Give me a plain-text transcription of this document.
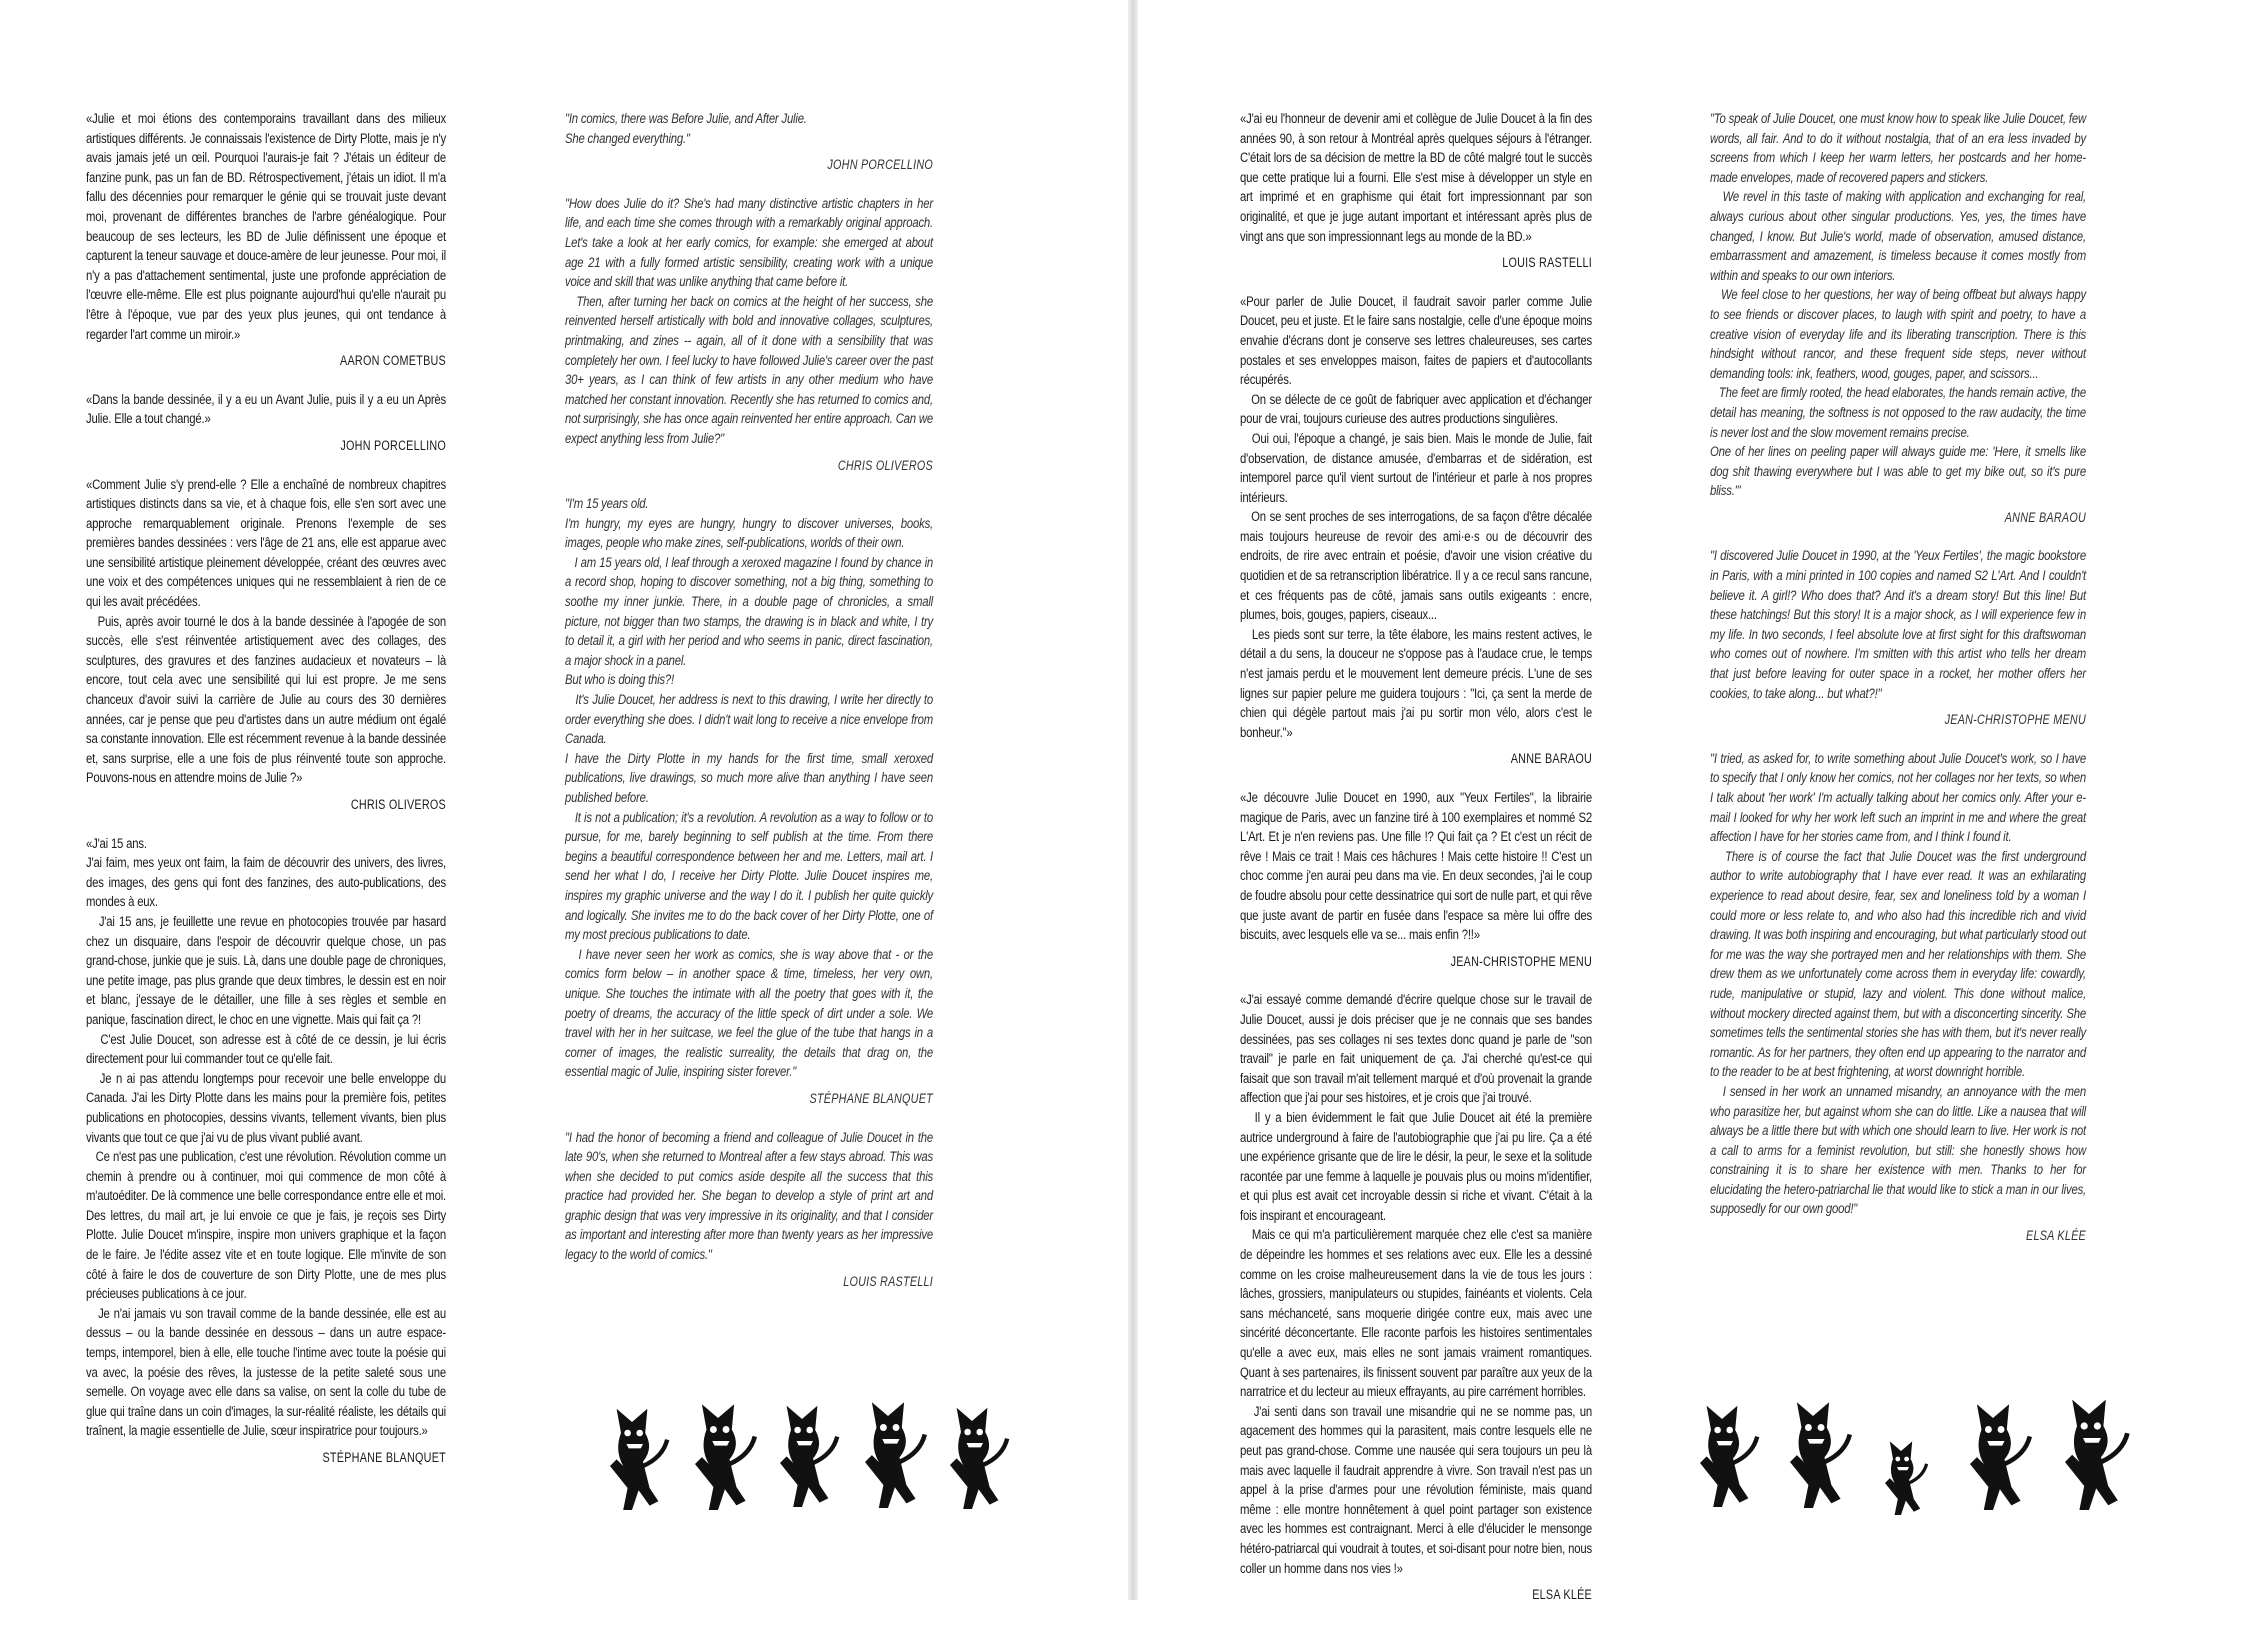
«Julie et moi étions des contemporains travaillant dans des milieux artistiques différents. Je connaissais l'existence de Dirty Plotte, mais je n'y avais jamais jeté un œil. Pourquoi l'aurais-je fait ? J'étais un éditeur de fanzine punk, pas un fan de BD. Rétrospectivement, j'étais un idiot. Il m'a fallu des décennies pour remarquer le génie qui se trouvait juste devant moi, provenant de différentes branches de l'arbre généalogique. Pour beaucoup de ses lecteurs, les BD de Julie définissent une époque et capturent la teneur sauvage et douce-amère de leur jeunesse. Pour moi, il n'y a pas d'attachement sentimental, juste une profonde appréciation de l'œuvre elle-même. Elle est plus poignante aujourd'hui qu'elle n'aurait pu l'être à l'époque, vue par des yeux plus jeunes, qui ont tendance à regarder l'art comme un miroir.»

AARON COMETBUS

«Dans la bande dessinée, il y a eu un Avant Julie, puis il y a eu un Après Julie. Elle a tout changé.»

JOHN PORCELLINO

«Comment Julie s'y prend-elle ? Elle a enchaîné de nombreux chapitres artistiques distincts dans sa vie, et à chaque fois, elle s'en sort avec une approche remarquablement originale. Prenons l'exemple de ses premières bandes dessinées : vers l'âge de 21 ans, elle est apparue avec une sensibilité artistique pleinement développée, créant des œuvres avec une voix et des compétences uniques qui ne ressemblaient à rien de ce qui les avait précédées.
Puis, après avoir tourné le dos à la bande dessinée à l'apogée de son succès, elle s'est réinventée artistiquement avec des collages, des sculptures, des gravures et des fanzines audacieux et novateurs – là encore, tout cela avec une sensibilité qui lui est propre. Je me sens chanceux d'avoir suivi la carrière de Julie au cours des 30 dernières années, car je pense que peu d'artistes dans un autre médium ont égalé sa constante innovation. Elle est récemment revenue à la bande dessinée et, sans surprise, elle a une fois de plus réinventé toute son approche. Pouvons-nous en attendre moins de Julie ?»

CHRIS OLIVEROS

«J'ai 15 ans.
J'ai faim, mes yeux ont faim, la faim de découvrir des univers, des livres, des images, des gens qui font des fanzines, des auto-publications, des mondes à eux.
J'ai 15 ans, je feuillette une revue en photocopies trouvée par hasard chez un disquaire, dans l'espoir de découvrir quelque chose, un pas grand-chose, junkie que je suis. Là, dans une double page de chroniques, une petite image, pas plus grande que deux timbres, le dessin est en noir et blanc, j'essaye de le détailler, une fille à ses règles et semble en panique, fascination direct, le choc en une vignette. Mais qui fait ça ?!
C'est Julie Doucet, son adresse est à côté de ce dessin, je lui écris directement pour lui commander tout ce qu'elle fait.
Je n ai pas attendu longtemps pour recevoir une belle enveloppe du Canada. J'ai les Dirty Plotte dans les mains pour la première fois, petites publications en photocopies, dessins vivants, tellement vivants, bien plus vivants que tout ce que j'ai vu de plus vivant publié avant.
Ce n'est pas une publication, c'est une révolution. Révolution comme un chemin à prendre ou à continuer, moi qui commence de mon côté à m'autoéditer. De là commence une belle correspondance entre elle et moi. Des lettres, du mail art, je lui envoie ce que je fais, je reçois ses Dirty Plotte. Julie Doucet m'inspire, inspire mon univers graphique et la façon de le faire. Je l'édite assez vite et en toute logique. Elle m'invite de son côté à faire le dos de couverture de son Dirty Plotte, une de mes plus précieuses publications à ce jour.
Je n'ai jamais vu son travail comme de la bande dessinée, elle est au dessus – ou la bande dessinée en dessous – dans un autre espace-temps, intemporel, bien à elle, elle touche l'intime avec toute la poésie qui va avec, la poésie des rêves, la justesse de la petite saleté sous une semelle. On voyage avec elle dans sa valise, on sent la colle du tube de glue qui traîne dans un coin d'images, la sur-réalité réaliste, les détails qui traînent, la magie essentielle de Julie, sœur inspiratrice pour toujours.»

STÉPHANE BLANQUET

"In comics, there was Before Julie, and After Julie.
She changed everything."

JOHN PORCELLINO

"How does Julie do it? She's had many distinctive artistic chapters in her life, and each time she comes through with a remarkably original approach. Let's take a look at her early comics, for example: she emerged at about age 21 with a fully formed artistic sensibility, creating work with a unique voice and skill that was unlike anything that came before it.
Then, after turning her back on comics at the height of her success, she reinvented herself artistically with bold and innovative collages, sculptures, printmaking, and zines -- again, all of it done with a sensibility that was completely her own. I feel lucky to have followed Julie's career over the past 30+ years, as I can think of few artists in any other medium who have matched her constant innovation. Recently she has returned to comics and, not surprisingly, she has once again reinvented her entire approach. Can we expect anything less from Julie?"

CHRIS OLIVEROS

"I'm 15 years old.
I'm hungry, my eyes are hungry, hungry to discover universes, books, images, people who make zines, self-publications, worlds of their own.
I am 15 years old, I leaf through a xeroxed magazine I found by chance in a record shop, hoping to discover something, not a big thing, something to soothe my inner junkie. There, in a double page of chronicles, a small picture, not bigger than two stamps, the drawing is in black and white, I try to detail it, a girl with her period and who seems in panic, direct fascination, a major shock in a panel.
But who is doing this?!
It's Julie Doucet, her address is next to this drawing, I write her directly to order everything she does. I didn't wait long to receive a nice envelope from Canada.
I have the Dirty Plotte in my hands for the first time, small xeroxed publications, live drawings, so much more alive than anything I have seen published before.
It is not a publication; it's a revolution. A revolution as a way to follow or to pursue, for me, barely beginning to self publish at the time. From there begins a beautiful correspondence between her and me. Letters, mail art. I send her what I do, I receive her Dirty Plotte. Julie Doucet inspires me, inspires my graphic universe and the way I do it. I publish her quite quickly and logically. She invites me to do the back cover of her Dirty Plotte, one of my most precious publications to date.
I have never seen her work as comics, she is way above that - or the comics form below – in another space & time, timeless, her very own, unique. She touches the intimate with all the poetry that goes with it, the poetry of dreams, the accuracy of the little speck of dirt under a sole. We travel with her in her suitcase, we feel the glue of the tube that hangs in a corner of images, the realistic surreality, the details that drag on, the essential magic of Julie, inspiring sister forever."

STÉPHANE BLANQUET

"I had the honor of becoming a friend and colleague of Julie Doucet in the late 90's, when she returned to Montreal after a few stays abroad. This was when she decided to put comics aside despite all the success that this practice had provided her. She began to develop a style of print art and graphic design that was very impressive in its originality, and that I consider as important and interesting after more than twenty years as her impressive legacy to the world of comics."

LOUIS RASTELLI

«J'ai eu l'honneur de devenir ami et collègue de Julie Doucet à la fin des années 90, à son retour à Montréal après quelques séjours à l'étranger. C'était lors de sa décision de mettre la BD de côté malgré tout le succès que cette pratique lui a fourni. Elle s'est mise à développer un style en art imprimé et en graphisme qui était fort impressionnant par son originalité, et que je juge autant important et intéressant après plus de vingt ans que son impressionnant legs au monde de la BD.»

LOUIS RASTELLI

«Pour parler de Julie Doucet, il faudrait savoir parler comme Julie Doucet, peu et juste. Et le faire sans nostalgie, celle d'une époque moins envahie d'écrans dont je conserve ses lettres chaleureuses, ses cartes postales et ses enveloppes maison, faites de papiers et d'autocollants récupérés.
On se délecte de ce goût de fabriquer avec application et d'échanger pour de vrai, toujours curieuse des autres productions singulières.
Oui oui, l'époque a changé, je sais bien. Mais le monde de Julie, fait d'observation, de distance amusée, d'embarras et de sidération, est intemporel parce qu'il vient surtout de l'intérieur et parle à nos propres intérieurs.
On se sent proches de ses interrogations, de sa façon d'être décalée mais toujours heureuse de revoir des ami·e·s ou de découvrir des endroits, de rire avec entrain et poésie, d'avoir une vision créative du quotidien et de sa retranscription libératrice. Il y a ce recul sans rancune, et ces fréquents pas de côté, jamais sans outils exigeants : encre, plumes, bois, gouges, papiers, ciseaux...
Les pieds sont sur terre, la tête élabore, les mains restent actives, le détail a du sens, la douceur ne s'oppose pas à l'audace crue, le temps n'est jamais perdu et le mouvement lent demeure précis. L'une de ses lignes sur papier pelure me guidera toujours : "Ici, ça sent la merde de chien qui dégèle partout mais j'ai pu sortir mon vélo, alors c'est le bonheur."»

ANNE BARAOU

«Je découvre Julie Doucet en 1990, aux "Yeux Fertiles", la librairie magique de Paris, avec un fanzine tiré à 100 exemplaires et nommé S2 L'Art. Et je n'en reviens pas. Une fille !? Qui fait ça ? Et c'est un récit de rêve ! Mais ce trait ! Mais ces hâchures ! Mais cette histoire !! C'est un choc comme j'en aurai peu dans ma vie. En deux secondes, j'ai le coup de foudre absolu pour cette dessinatrice qui sort de nulle part, et qui rêve que juste avant de partir en fusée dans l'espace sa mère lui offre des biscuits, avec lesquels elle va se... mais enfin ?!!»

JEAN-CHRISTOPHE MENU

«J'ai essayé comme demandé d'écrire quelque chose sur le travail de Julie Doucet, aussi je dois préciser que je ne connais que ses bandes dessinées, pas ses collages ni ses textes donc quand je parle de "son travail" je parle en fait uniquement de ça. J'ai cherché qu'est-ce qui faisait que son travail m'ait tellement marqué et d'où provenait la grande affection que j'ai pour ses histoires, et je crois que j'ai trouvé.
Il y a bien évidemment le fait que Julie Doucet ait été la première autrice underground à faire de l'autobiographie que j'ai pu lire. Ça a été une expérience grisante que de lire le désir, la peur, le sexe et la solitude racontée par une femme à laquelle je pouvais plus ou moins m'identifier, et qui plus est avait cet incroyable dessin si riche et vivant. C'était à la fois inspirant et encourageant.
Mais ce qui m'a particulièrement marquée chez elle c'est sa manière de dépeindre les hommes et ses relations avec eux. Elle les a dessiné comme on les croise malheureusement dans la vie de tous les jours : lâches, grossiers, manipulateurs ou stupides, fainéants et violents. Cela sans méchanceté, sans moquerie dirigée contre eux, mais avec une sincérité déconcertante. Elle raconte parfois les histoires sentimentales qu'elle a avec eux, mais elles ne sont jamais vraiment romantiques. Quant à ses partenaires, ils finissent souvent par paraître aux yeux de la narratrice et du lecteur au mieux effrayants, au pire carrément horribles.
J'ai senti dans son travail une misandrie qui ne se nomme pas, un agacement des hommes qui la parasitent, mais contre lesquels elle ne peut pas grand-chose. Comme une nausée qui sera toujours un peu là mais avec laquelle il faudrait apprendre à vivre. Son travail n'est pas un appel à la prise d'armes pour une révolution féministe, mais quand même : elle montre honnêtement à quel point partager son existence avec les hommes est contraignant. Merci à elle d'élucider le mensonge hétéro-patriarcal qui voudrait à toutes, et soi-disant pour notre bien, nous coller un homme dans nos vies !»

ELSA KLÉE

"To speak of Julie Doucet, one must know how to speak like Julie Doucet, few words, all fair. And to do it without nostalgia, that of an era less invaded by screens from which I keep her warm letters, her postcards and her home-made envelopes, made of recovered papers and stickers.
We revel in this taste of making with application and exchanging for real, always curious about other singular productions. Yes, yes, the times have changed, I know. But Julie's world, made of observation, amused distance, embarrassment and amazement, is timeless because it comes mostly from within and speaks to our own interiors.
We feel close to her questions, her way of being offbeat but always happy to see friends or discover places, to laugh with spirit and poetry, to have a creative vision of everyday life and its liberating transcription. There is this hindsight without rancor, and these frequent side steps, never without demanding tools: ink, feathers, wood, gouges, paper, and scissors...
The feet are firmly rooted, the head elaborates, the hands remain active, the detail has meaning, the softness is not opposed to the raw audacity, the time is never lost and the slow movement remains precise.
One of her lines on peeling paper will always guide me: 'Here, it smells like dog shit thawing everywhere but I was able to get my bike out, so it's pure bliss.'"

ANNE BARAOU

"I discovered Julie Doucet in 1990, at the 'Yeux Fertiles', the magic bookstore in Paris, with a mini printed in 100 copies and named S2 L'Art. And I couldn't believe it. A girl!? Who does that? And it's a dream story! But this line! But these hatchings! But this story! It is a major shock, as I will experience few in my life. In two seconds, I feel absolute love at first sight for this draftswoman who comes out of nowhere. I'm smitten with this artist who tells her dream that just before leaving for outer space in a rocket, her mother offers her cookies, to take along... but what?!"

JEAN-CHRISTOPHE MENU

"I tried, as asked for, to write something about Julie Doucet's work, so I have to specify that I only know her comics, not her collages nor her texts, so when I talk about 'her work' I'm actually talking about her comics only. After your e-mail I looked for why her work left such an imprint in me and where the great affection I have for her stories came from, and I think I found it.
There is of course the fact that Julie Doucet was the first underground author to write autobiography that I have ever read. It was an exhilarating experience to read about desire, fear, sex and loneliness told by a woman I could more or less relate to, and who also had this incredible rich and vivid drawing. It was both inspiring and encouraging, but what particularly stood out for me was the way she portrayed men and her relationships with them. She drew them as we unfortunately come across them in everyday life: cowardly, rude, manipulative or stupid, lazy and violent. This done without malice, without mockery directed against them, but with a disconcerting sincerity. She sometimes tells the sentimental stories she has with them, but it's never really romantic. As for her partners, they often end up appearing to the narrator and to the reader to be at best frightening, at worst downright horrible.
I sensed in her work an unnamed misandry, an annoyance with the men who parasitize her, but against whom she can do little. Like a nausea that will always be a little there but with which one should learn to live. Her work is not a call to arms for a feminist revolution, but still: she honestly shows how constraining it is to share her existence with men. Thanks to her for elucidating the hetero-patriarchal lie that would like to stick a man in our lives, supposedly for our own good!"

ELSA KLÉE
